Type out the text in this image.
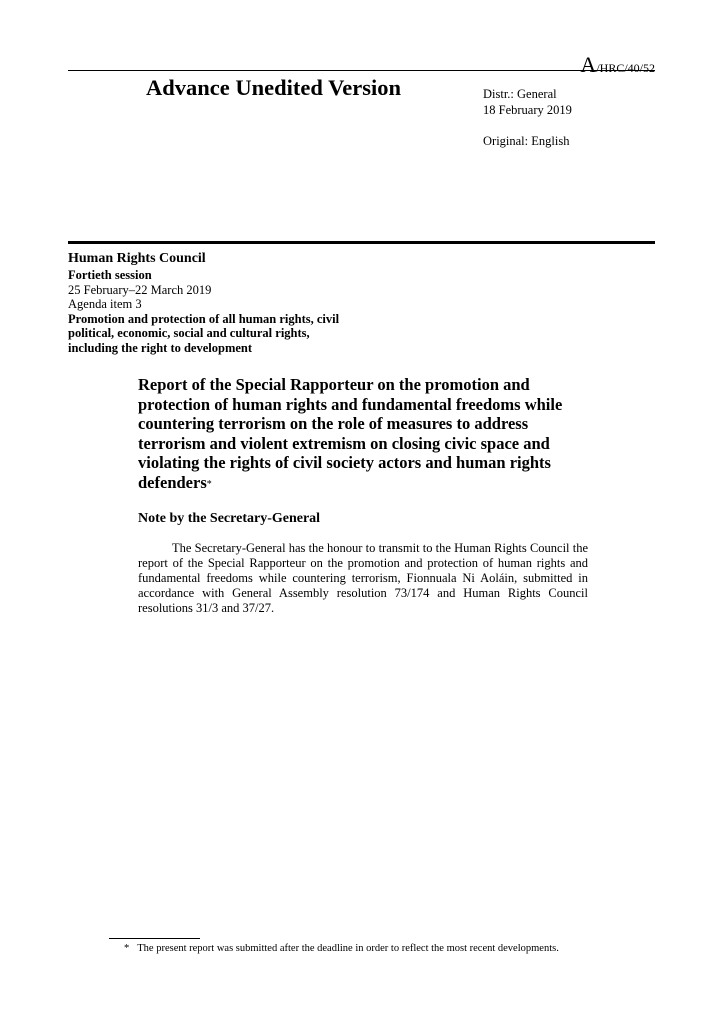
A/HRC/40/52
Advance Unedited Version	Distr.: General
18 February 2019
Original: English
Human Rights Council
Fortieth session
25 February–22 March 2019
Agenda item 3
Promotion and protection of all human rights, civil
political, economic, social and cultural rights,
including the right to development
Report of the Special Rapporteur on the promotion and protection of human rights and fundamental freedoms while countering terrorism on the role of measures to address terrorism and violent extremism on closing civic space and violating the rights of civil society actors and human rights defenders*
Note by the Secretary-General
The Secretary-General has the honour to transmit to the Human Rights Council the report of the Special Rapporteur on the promotion and protection of human rights and fundamental freedoms while countering terrorism, Fionnuala Ni Aoláin, submitted in accordance with General Assembly resolution 73/174 and Human Rights Council resolutions 31/3 and 37/27.
* The present report was submitted after the deadline in order to reflect the most recent developments.
